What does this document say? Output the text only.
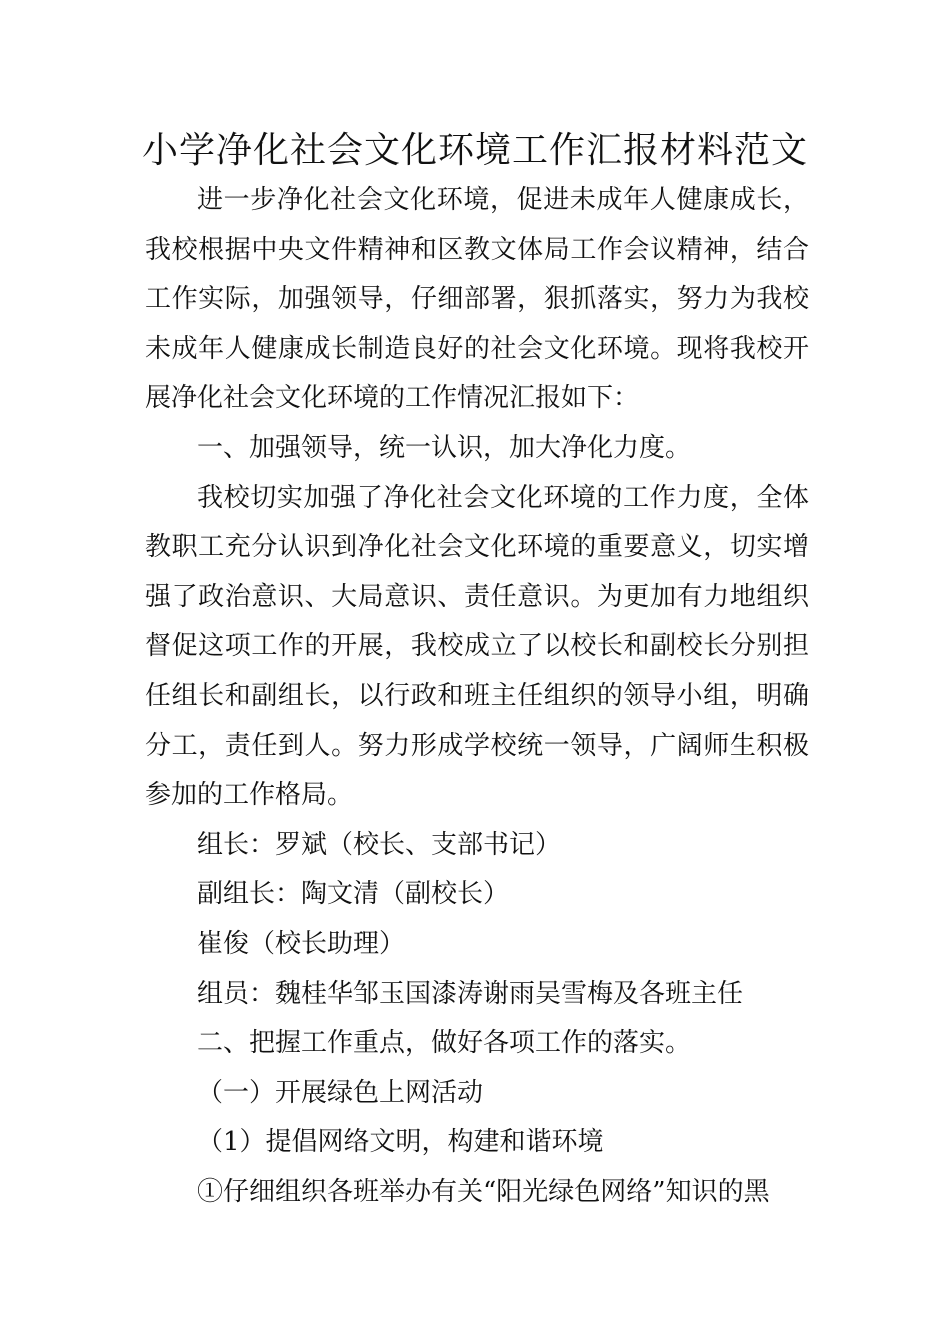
小学净化社会文化环境工作汇报材料范文

进一步净化社会文化环境，促进未成年人健康成长，我校根据中央文件精神和区教文体局工作会议精神，结合工作实际，加强领导，仔细部署，狠抓落实，努力为我校未成年人健康成长制造良好的社会文化环境。现将我校开展净化社会文化环境的工作情况汇报如下：

一、加强领导，统一认识，加大净化力度。

我校切实加强了净化社会文化环境的工作力度，全体教职工充分认识到净化社会文化环境的重要意义，切实增强了政治意识、大局意识、责任意识。为更加有力地组织督促这项工作的开展，我校成立了以校长和副校长分别担任组长和副组长，以行政和班主任组织的领导小组，明确分工，责任到人。努力形成学校统一领导，广阔师生积极参加的工作格局。

组长：罗斌（校长、支部书记）

副组长：陶文清（副校长）

崔俊（校长助理）

组员：魏桂华邹玉国漆涛谢雨吴雪梅及各班主任

二、把握工作重点，做好各项工作的落实。

（一）开展绿色上网活动

（1）提倡网络文明，构建和谐环境

①仔细组织各班举办有关“阳光绿色网络”知识的黑
